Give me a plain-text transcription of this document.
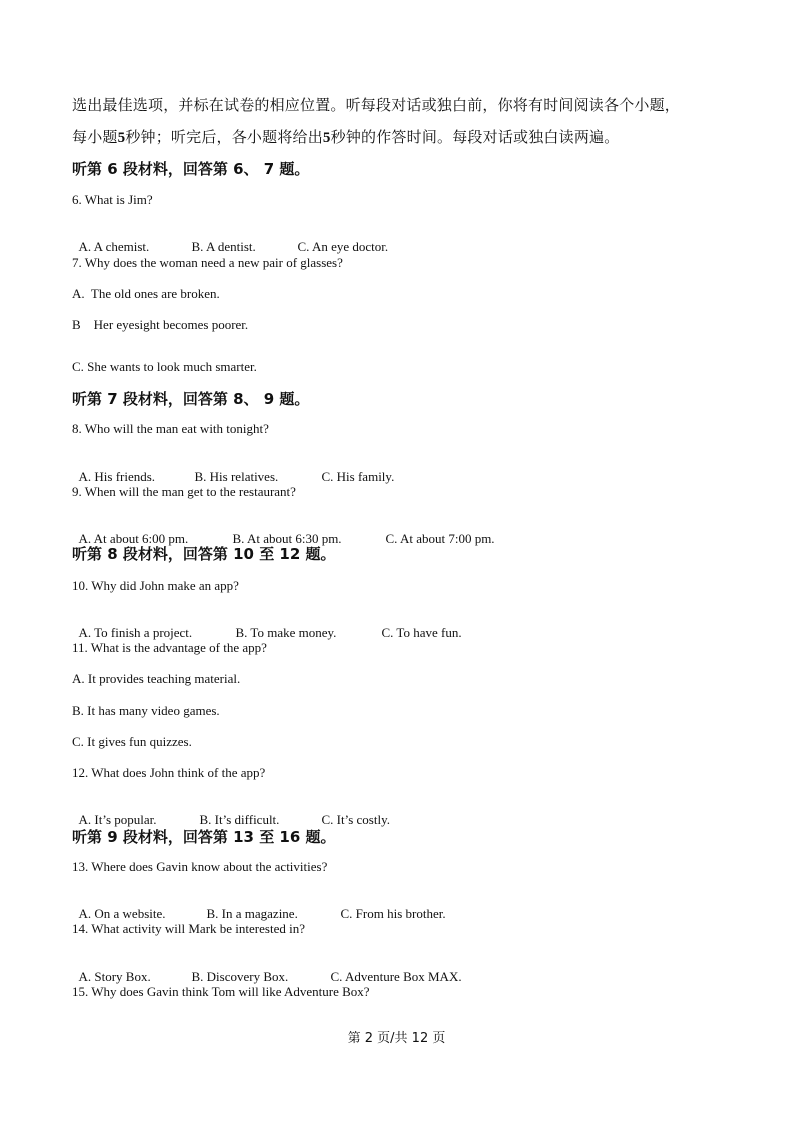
选出最佳选项，并标在试卷的相应位置。听每段对话或独白前，你将有时间阅读各个小题，
每小题5秒钟；听完后，各小题将给出5秒钟的作答时间。每段对话或独白读两遍。
听第 6 段材料，回答第 6、 7 题。
6. What is Jim?

A. A chemist.	B. A dentist.	C. An eye doctor.

7. Why does the woman need a new pair of glasses?
A.  The old ones are broken.
B    Her eyesight becomes poorer.
C. She wants to look much smarter.
听第 7 段材料，回答第 8、 9 题。
8. Who will the man eat with tonight?

A. His friends.	B. His relatives.	C. His family.

9. When will the man get to the restaurant?

A. At about 6:00 pm.	B. At about 6:30 pm.	C. At about 7:00 pm.

听第 8 段材料，回答第 10 至 12 题。
10. Why did John make an app?

A. To finish a project.	B. To make money.	C. To have fun.

11. What is the advantage of the app?
A. It provides teaching material.
B. It has many video games.
C. It gives fun quizzes.
12. What does John think of the app?

A. It’s popular.	B. It’s difficult.	C. It’s costly.

听第 9 段材料，回答第 13 至 16 题。
13. Where does Gavin know about the activities?

A. On a website.	B. In a magazine.	C. From his brother.

14. What activity will Mark be interested in?

A. Story Box.	B. Discovery Box.	C. Adventure Box MAX.

15. Why does Gavin think Tom will like Adventure Box?
第 2 页/共 12 页
